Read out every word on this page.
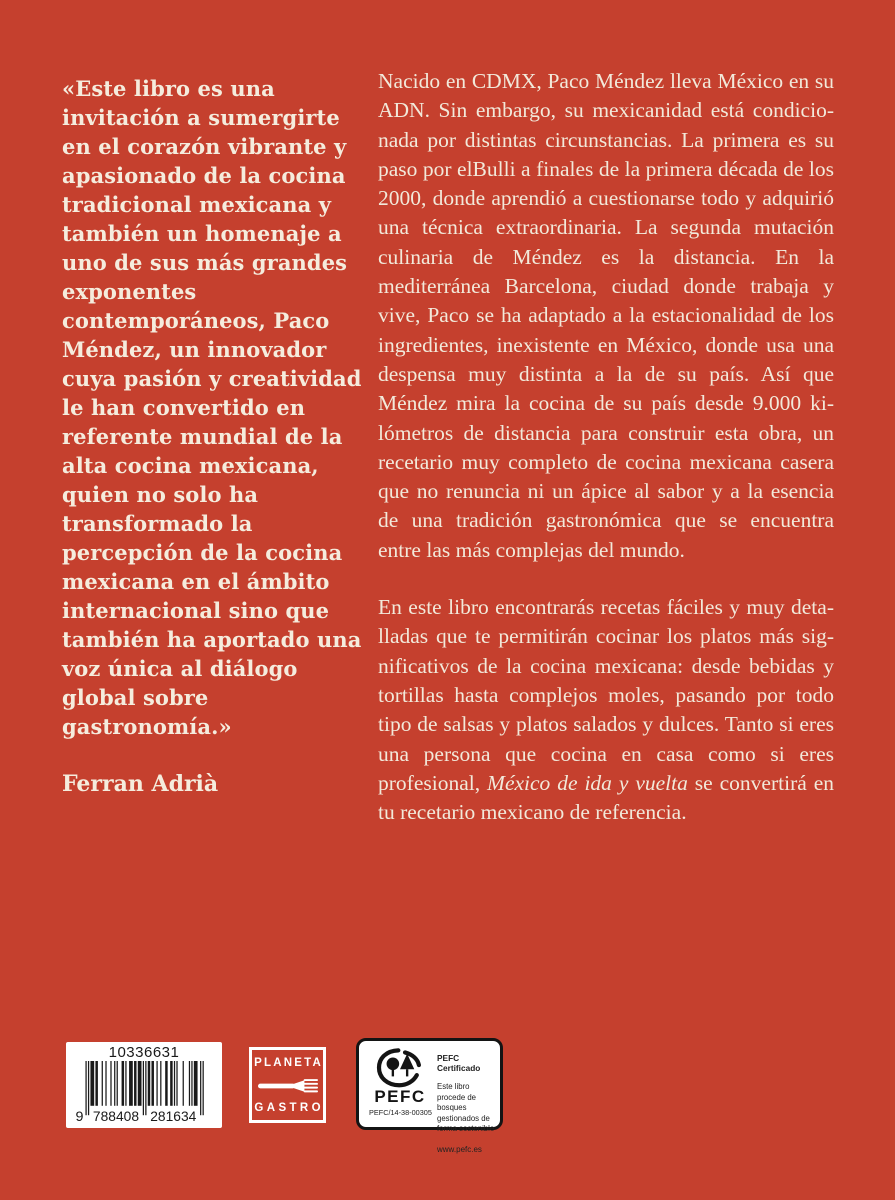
«Este libro es una invitación a sumergirte en el corazón vibrante y apasionado de la cocina tradicional mexicana y también un homenaje a uno de sus más grandes exponentes contemporáneos, Paco Méndez, un innovador cuya pasión y creatividad le han convertido en referente mundial de la alta cocina mexicana, quien no solo ha transformado la percepción de la cocina mexicana en el ámbito internacional sino que también ha aportado una voz única al diálogo global sobre gastronomía.»

Ferran Adrià

Nacido en CDMX, Paco Méndez lleva México en su ADN. Sin embargo, su mexicanidad está condicionada por distintas circunstancias. La primera es su paso por elBulli a finales de la primera década de los 2000, donde aprendió a cuestionarse todo y adquirió una técnica extraordinaria. La segunda mutación culinaria de Méndez es la distancia. En la mediterránea Barcelona, ciudad donde trabaja y vive, Paco se ha adaptado a la estacionalidad de los ingredientes, inexistente en México, donde usa una despensa muy distinta a la de su país. Así que Méndez mira la cocina de su país desde 9.000 kilómetros de distancia para construir esta obra, un recetario muy completo de cocina mexicana casera que no renuncia ni un ápice al sabor y a la esencia de una tradición gastronómica que se encuentra entre las más complejas del mundo.

En este libro encontrarás recetas fáciles y muy detalladas que te permitirán cocinar los platos más significativos de la cocina mexicana: desde bebidas y tortillas hasta complejos moles, pasando por todo tipo de salsas y platos salados y dulces. Tanto si eres una persona que cocina en casa como si eres profesional, México de ida y vuelta se convertirá en tu recetario mexicano de referencia.

10336631
9 788408 281634
PLANETA
GASTRO
PEFC
PEFC/14-38-00305
PEFC Certificado
Este libro procede de bosques gestionados de forma sostenible
www.pefc.es
